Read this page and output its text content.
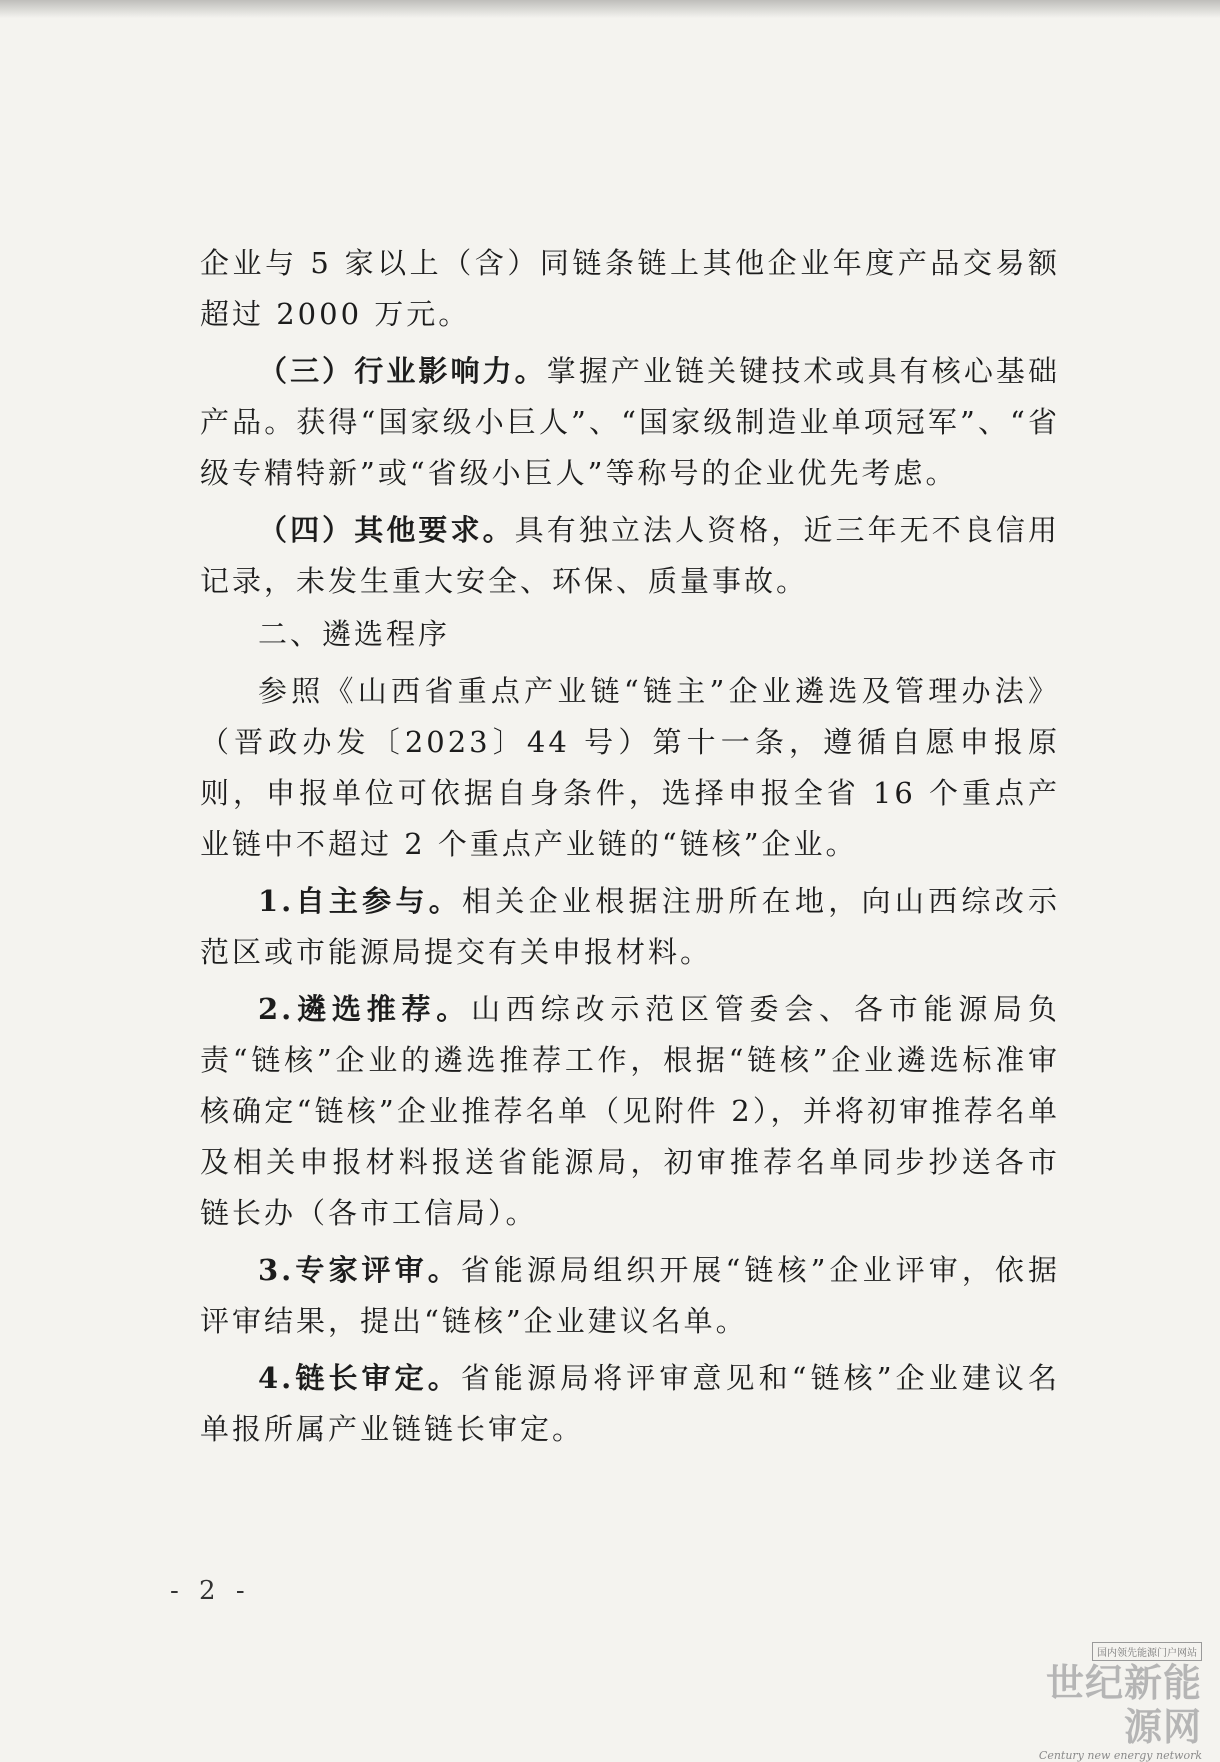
企业与 5 家以上（含）同链条链上其他企业年度产品交易额超过 2000 万元。

（三）行业影响力。掌握产业链关键技术或具有核心基础产品。获得“国家级小巨人”、“国家级制造业单项冠军”、“省级专精特新”或“省级小巨人”等称号的企业优先考虑。

（四）其他要求。具有独立法人资格，近三年无不良信用记录，未发生重大安全、环保、质量事故。

二、遴选程序

参照《山西省重点产业链“链主”企业遴选及管理办法》（晋政办发〔2023〕44 号）第十一条，遵循自愿申报原则，申报单位可依据自身条件，选择申报全省 16 个重点产业链中不超过 2 个重点产业链的“链核”企业。

1.自主参与。相关企业根据注册所在地，向山西综改示范区或市能源局提交有关申报材料。

2.遴选推荐。山西综改示范区管委会、各市能源局负责“链核”企业的遴选推荐工作，根据“链核”企业遴选标准审核确定“链核”企业推荐名单（见附件 2），并将初审推荐名单及相关申报材料报送省能源局，初审推荐名单同步抄送各市链长办（各市工信局）。

3.专家评审。省能源局组织开展“链核”企业评审，依据评审结果，提出“链核”企业建议名单。

4.链长审定。省能源局将评审意见和“链核”企业建议名单报所属产业链链长审定。

- 2 -
国内领先能源门户网站
世纪新能源网
Century new energy network
